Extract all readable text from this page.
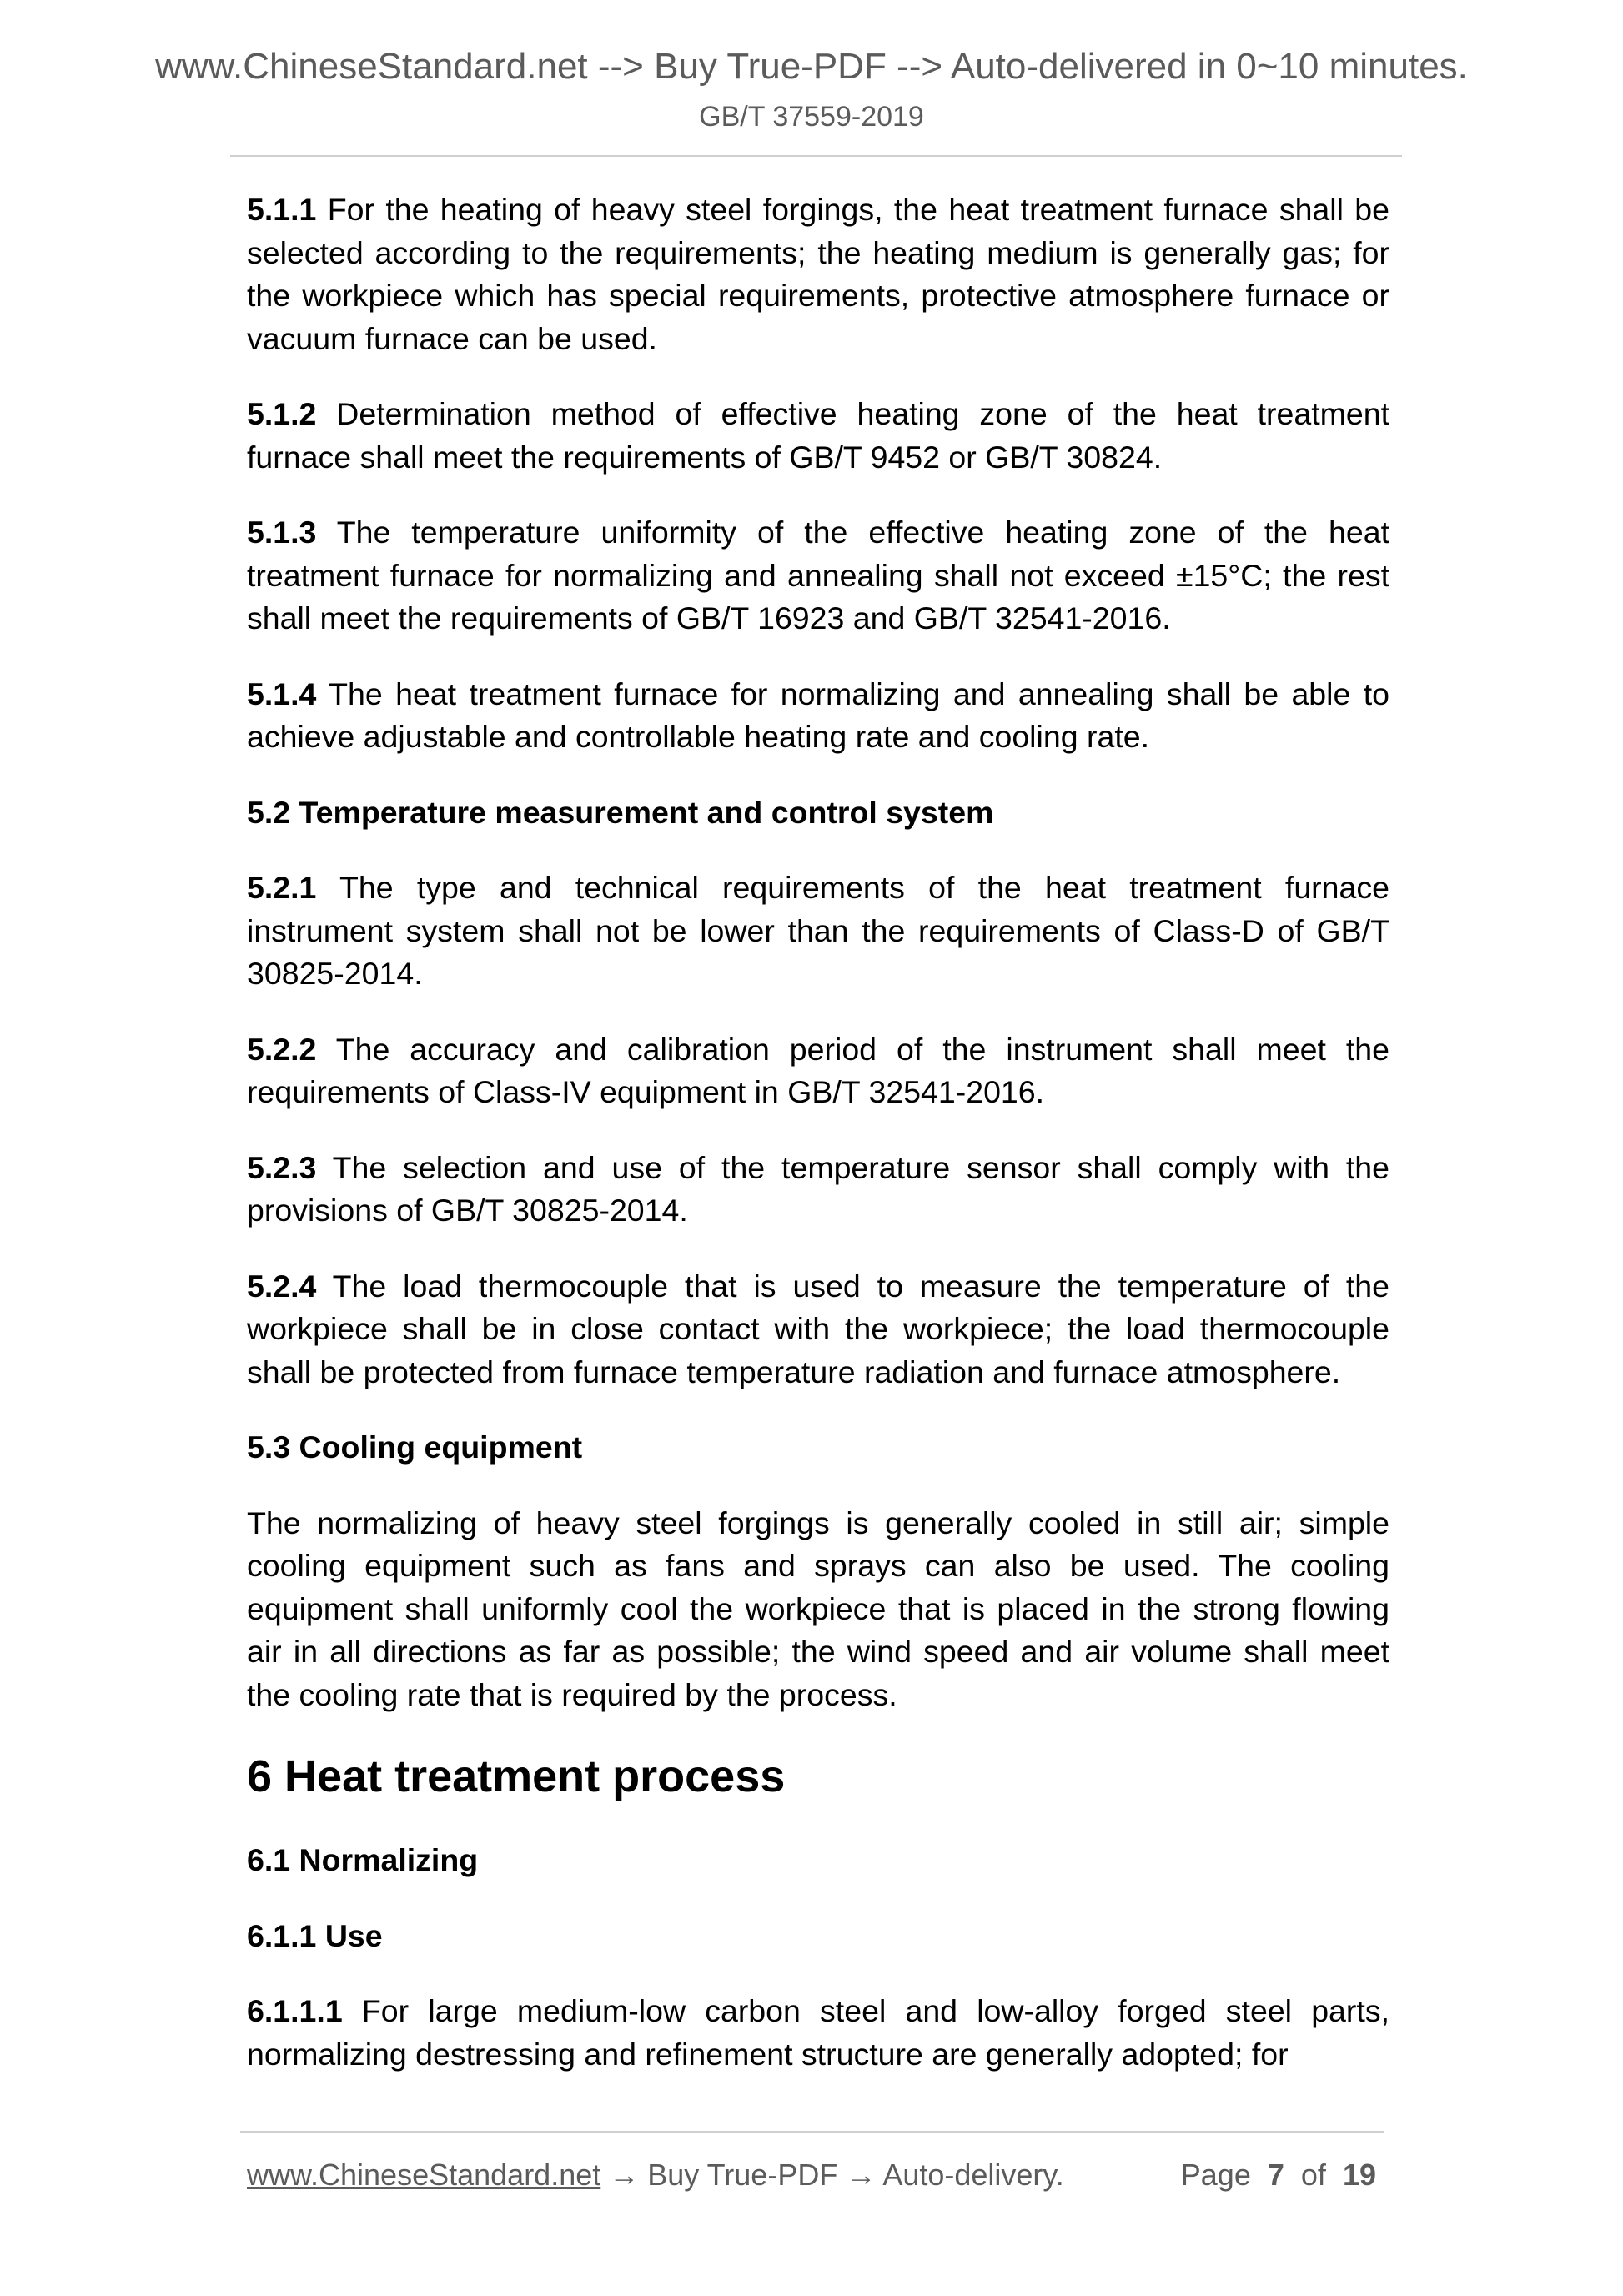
www.ChineseStandard.net --> Buy True-PDF --> Auto-delivered in 0~10 minutes.
GB/T 37559-2019

5.1.1 For the heating of heavy steel forgings, the heat treatment furnace shall be selected according to the requirements; the heating medium is generally gas; for the workpiece which has special requirements, protective atmosphere furnace or vacuum furnace can be used.

5.1.2 Determination method of effective heating zone of the heat treatment furnace shall meet the requirements of GB/T 9452 or GB/T 30824.

5.1.3 The temperature uniformity of the effective heating zone of the heat treatment furnace for normalizing and annealing shall not exceed ±15°C; the rest shall meet the requirements of GB/T 16923 and GB/T 32541-2016.

5.1.4 The heat treatment furnace for normalizing and annealing shall be able to achieve adjustable and controllable heating rate and cooling rate.

5.2 Temperature measurement and control system

5.2.1 The type and technical requirements of the heat treatment furnace instrument system shall not be lower than the requirements of Class-D of GB/T 30825-2014.

5.2.2 The accuracy and calibration period of the instrument shall meet the requirements of Class-IV equipment in GB/T 32541-2016.

5.2.3 The selection and use of the temperature sensor shall comply with the provisions of GB/T 30825-2014.

5.2.4 The load thermocouple that is used to measure the temperature of the workpiece shall be in close contact with the workpiece; the load thermocouple shall be protected from furnace temperature radiation and furnace atmosphere.

5.3 Cooling equipment

The normalizing of heavy steel forgings is generally cooled in still air; simple cooling equipment such as fans and sprays can also be used. The cooling equipment shall uniformly cool the workpiece that is placed in the strong flowing air in all directions as far as possible; the wind speed and air volume shall meet the cooling rate that is required by the process.

6 Heat treatment process
6.1 Normalizing
6.1.1 Use

6.1.1.1 For large medium-low carbon steel and low-alloy forged steel parts, normalizing destressing and refinement structure are generally adopted; for

www.ChineseStandard.net → Buy True-PDF → Auto-delivery.	Page 7 of 19
